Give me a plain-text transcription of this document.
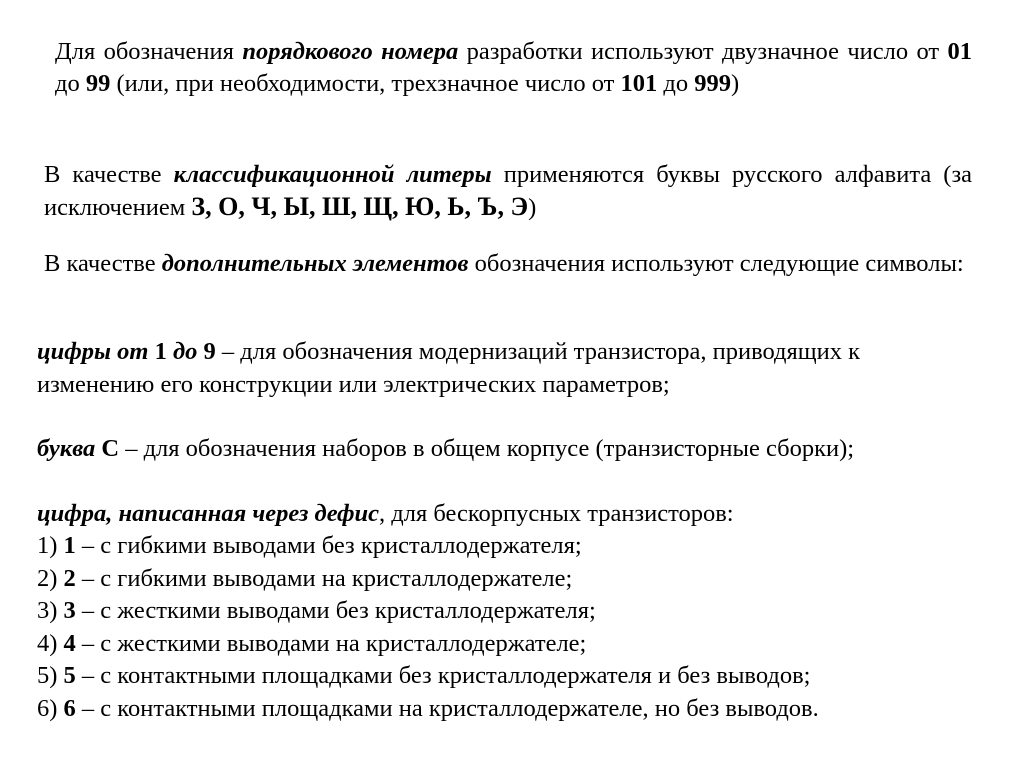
Для обозначения порядкового номера разработки используют двузначное число от 01 до 99 (или, при необходимости, трехзначное число от 101 до 999)

В качестве классификационной литеры применяются буквы русского алфавита (за исключением З, О, Ч, Ы, Ш, Щ, Ю, Ь, Ъ, Э)

В качестве дополнительных элементов обозначения используют следующие символы:

цифры от 1 до 9 – для обозначения модернизаций транзистора, приводящих к
изменению его конструкции или электрических параметров;
буква С – для обозначения наборов в общем корпусе (транзисторные сборки);
цифра, написанная через дефис, для бескорпусных транзисторов:
1) 1 – с гибкими выводами без кристаллодержателя;
2) 2 – с гибкими выводами на кристаллодержателе;
3) 3 – с жесткими выводами без кристаллодержателя;
4) 4 – с жесткими выводами на кристаллодержателе;
5) 5 – с контактными площадками без кристаллодержателя и без выводов;
6) 6 – с контактными площадками на кристаллодержателе, но без выводов.
